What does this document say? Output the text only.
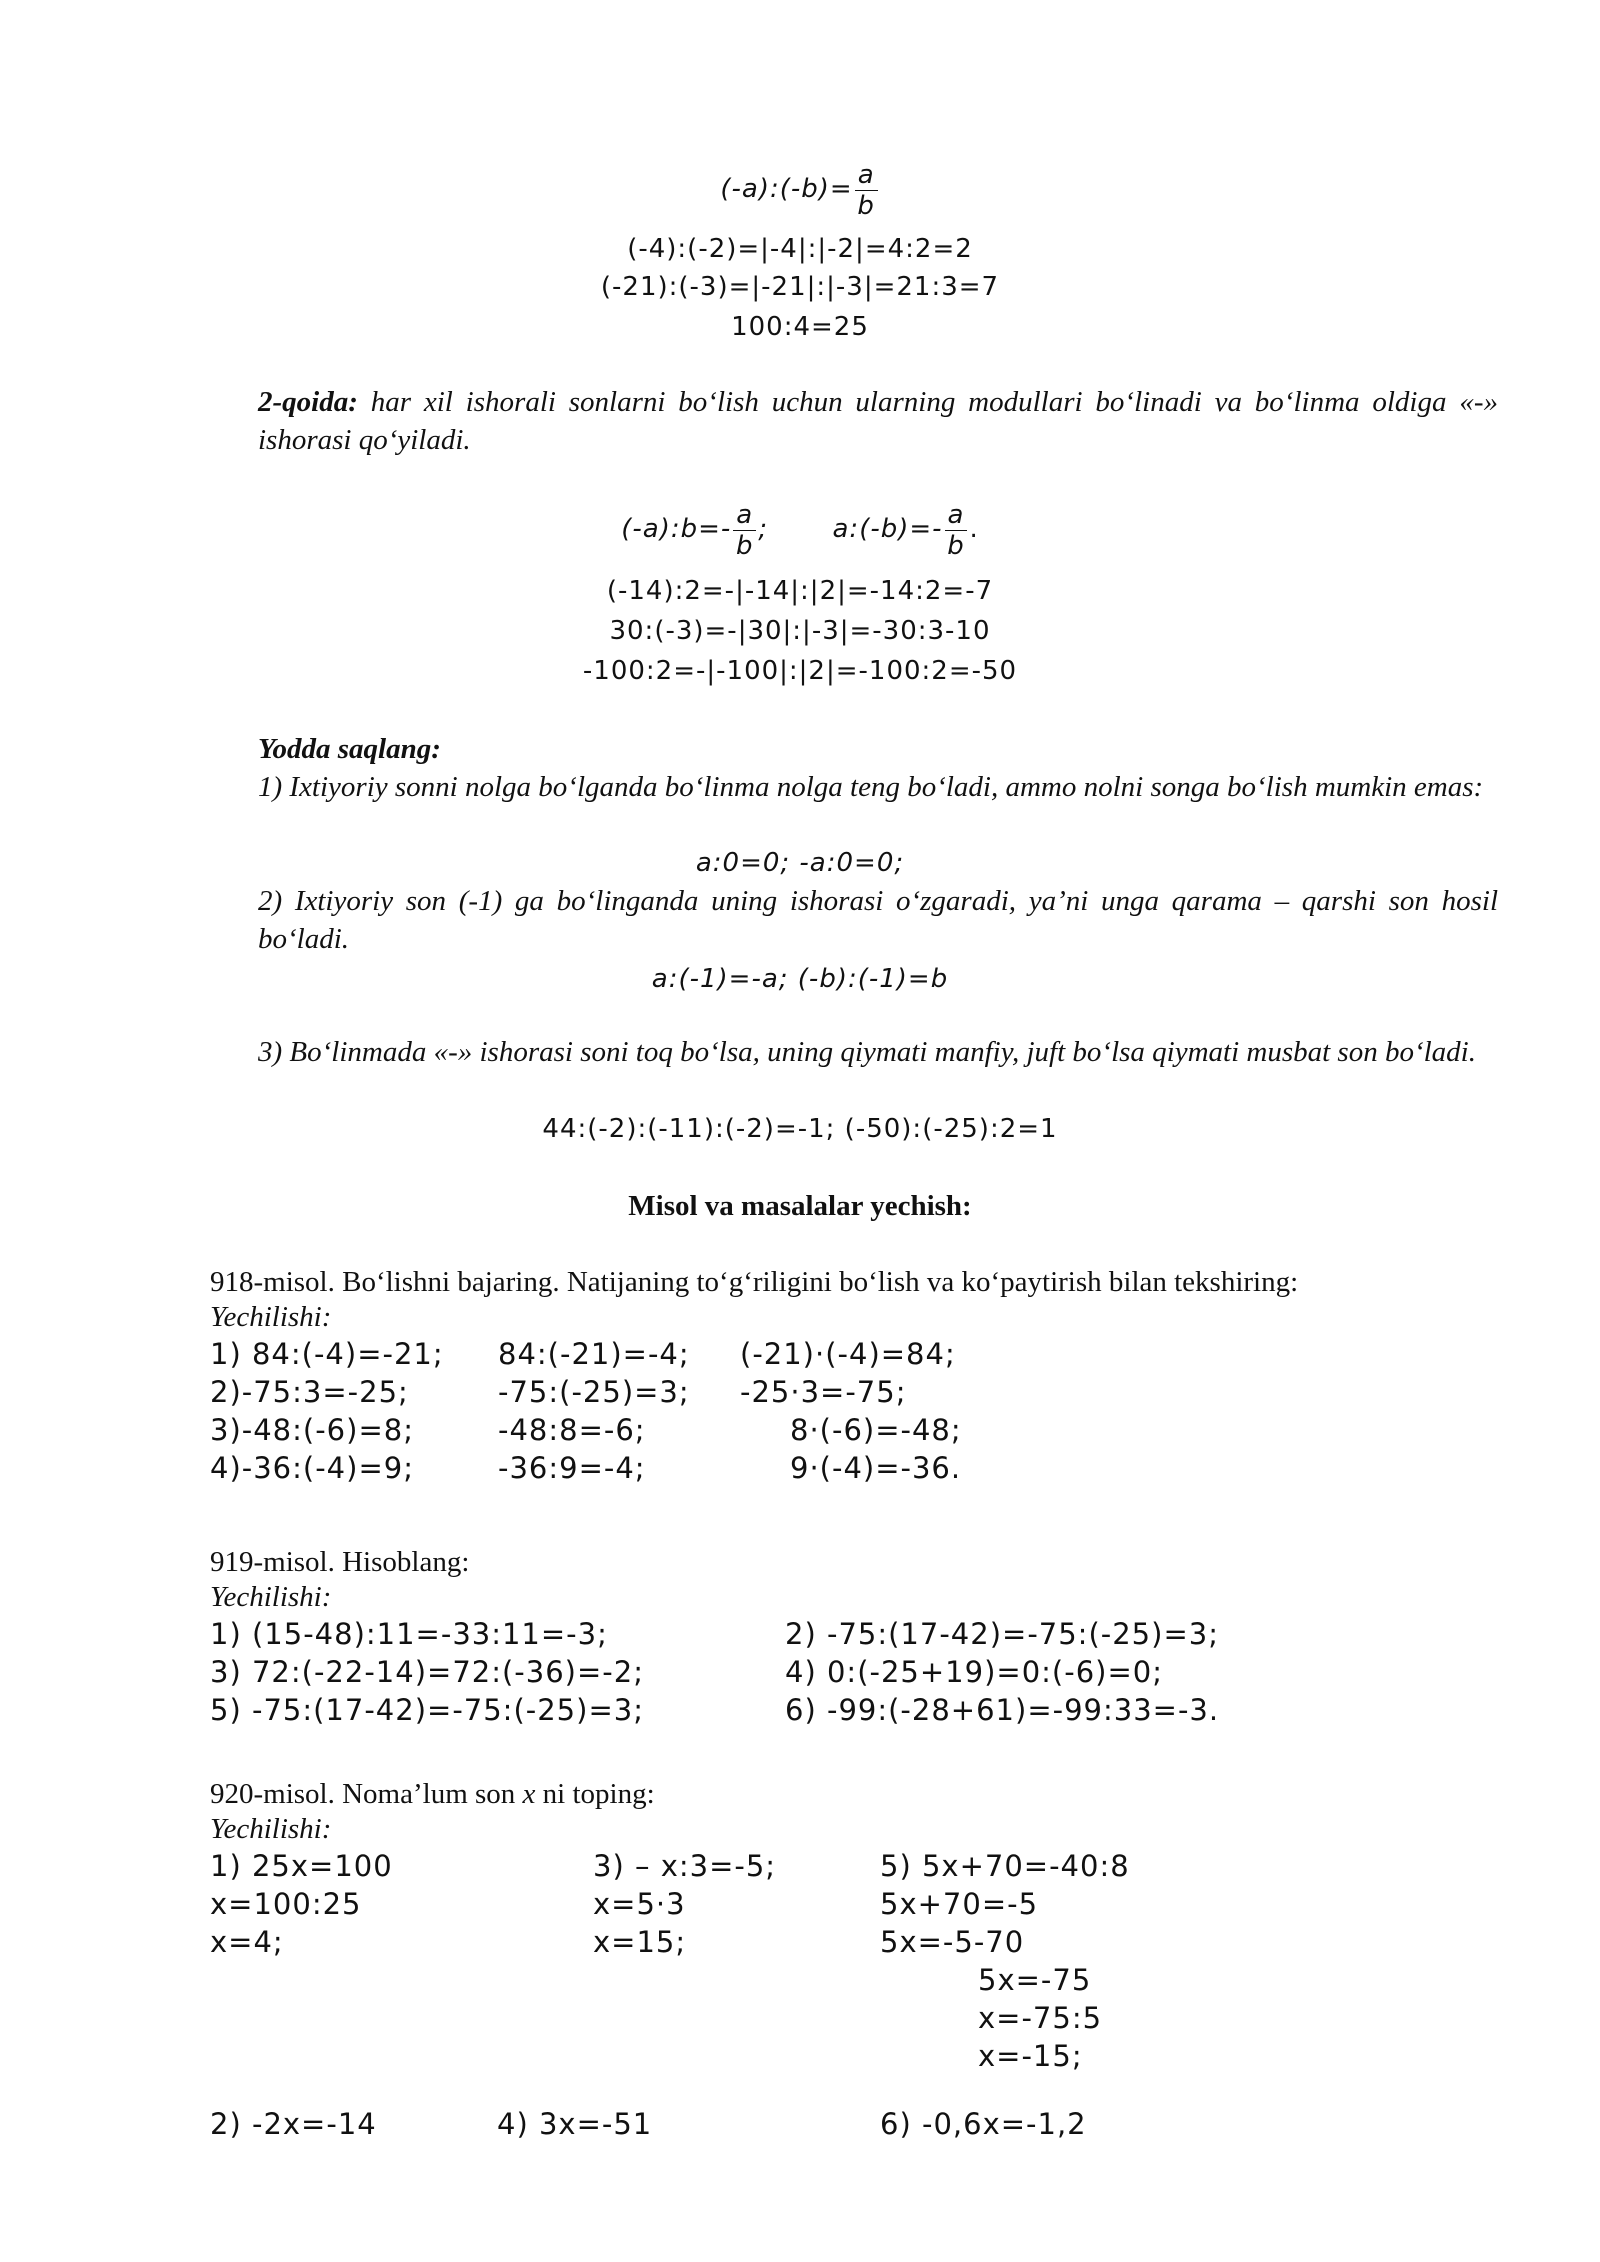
(-a):(-b)= $\frac{a}{b}$
(-4):(-2)=|-4|:|-2|=4:2=2
(-21):(-3)=|-21|:|-3|=21:3=7
100:4=25
2-qoida: har xil ishorali sonlarni bo‘lish uchun ularning modullari bo‘linadi va bo‘linma oldiga «-» ishorasi qo‘yiladi.
(-a):b=- $\frac{a}{b}$ ; a:(-b)=- $\frac{a}{b}$ .
(-14):2=-|-14|:|2|=-14:2=-7
30:(-3)=-|30|:|-3|=-30:3-10
-100:2=-|-100|:|2|=-100:2=-50
Yodda saqlang:
1) Ixtiyoriy sonni nolga bo‘lganda bo‘linma nolga teng bo‘ladi, ammo nolni songa bo‘lish mumkin emas:
a:0=0; -a:0=0;
2) Ixtiyoriy son (-1) ga bo‘linganda uning ishorasi o‘zgaradi, ya’ni unga qarama – qarshi son hosil bo‘ladi.
a:(-1)=-a; (-b):(-1)=b
3) Bo‘linmada «-» ishorasi soni toq bo‘lsa, uning qiymati manfiy, juft bo‘lsa qiymati musbat son bo‘ladi.
44:(-2):(-11):(-2)=-1; (-50):(-25):2=1
Misol va masalalar yechish:
918-misol. Bo‘lishni bajaring. Natijaning to‘g‘riligini bo‘lish va ko‘paytirish bilan tekshiring:
Yechilishi:
1) 84:(-4)=-21; 84:(-21)=-4; (-21)·(-4)=84;
2)-75:3=-25;	-75:(-25)=3; -25·3=-75;
3)-48:(-6)=8;	-48:8=-6;	8·(-6)=-48;
4)-36:(-4)=9;	-36:9=-4;	9·(-4)=-36.
919-misol. Hisoblang:
Yechilishi:
1) (15-48):11=-33:11=-3;	2) -75:(17-42)=-75:(-25)=3;
3) 72:(-22-14)=72:(-36)=-2;	4) 0:(-25+19)=0:(-6)=0;
5) -75:(17-42)=-75:(-25)=3;	6) -99:(-28+61)=-99:33=-3.
920-misol. Noma’lum son x ni toping:
Yechilishi:
1) 25x=100
x=100:25
x=4;
3) – x:3=-5;
x=5·3
x=15;
5) 5x+70=-40:8
5x+70=-5
5x=-5-70
5x=-75
x=-75:5
x=-15;
2) -2x=-14	4) 3x=-51	6) -0,6x=-1,2
